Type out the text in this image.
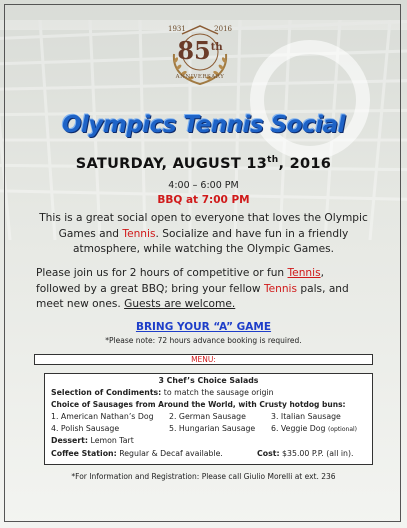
1931	2016
85th
ANNIVERSARY
Olympics Tennis Social
SATURDAY, AUGUST 13th, 2016
4:00 – 6:00 PM
BBQ at 7:00 PM
This is a great social open to everyone that loves the Olympic Games and Tennis. Socialize and have fun in a friendly atmosphere, while watching the Olympic Games.
Please join us for 2 hours of competitive or fun Tennis, followed by a great BBQ; bring your fellow Tennis pals, and meet new ones. Guests are welcome.
BRING YOUR “A” GAME
*Please note: 72 hours advance booking is required.
MENU:
3 Chef’s Choice Salads
Selection of Condiments: to match the sausage origin
Choice of Sausages from Around the World, with Crusty hotdog buns:
1. American Nathan’s Dog 2. German Sausage	3. Italian Sausage
4. Polish Sausage	5. Hungarian Sausage 6. Veggie Dog (optional)
Dessert: Lemon Tart
Coffee Station: Regular & Decaf available.	Cost: $35.00 P.P. (all in).
*For Information and Registration: Please call Giulio Morelli at ext. 236
